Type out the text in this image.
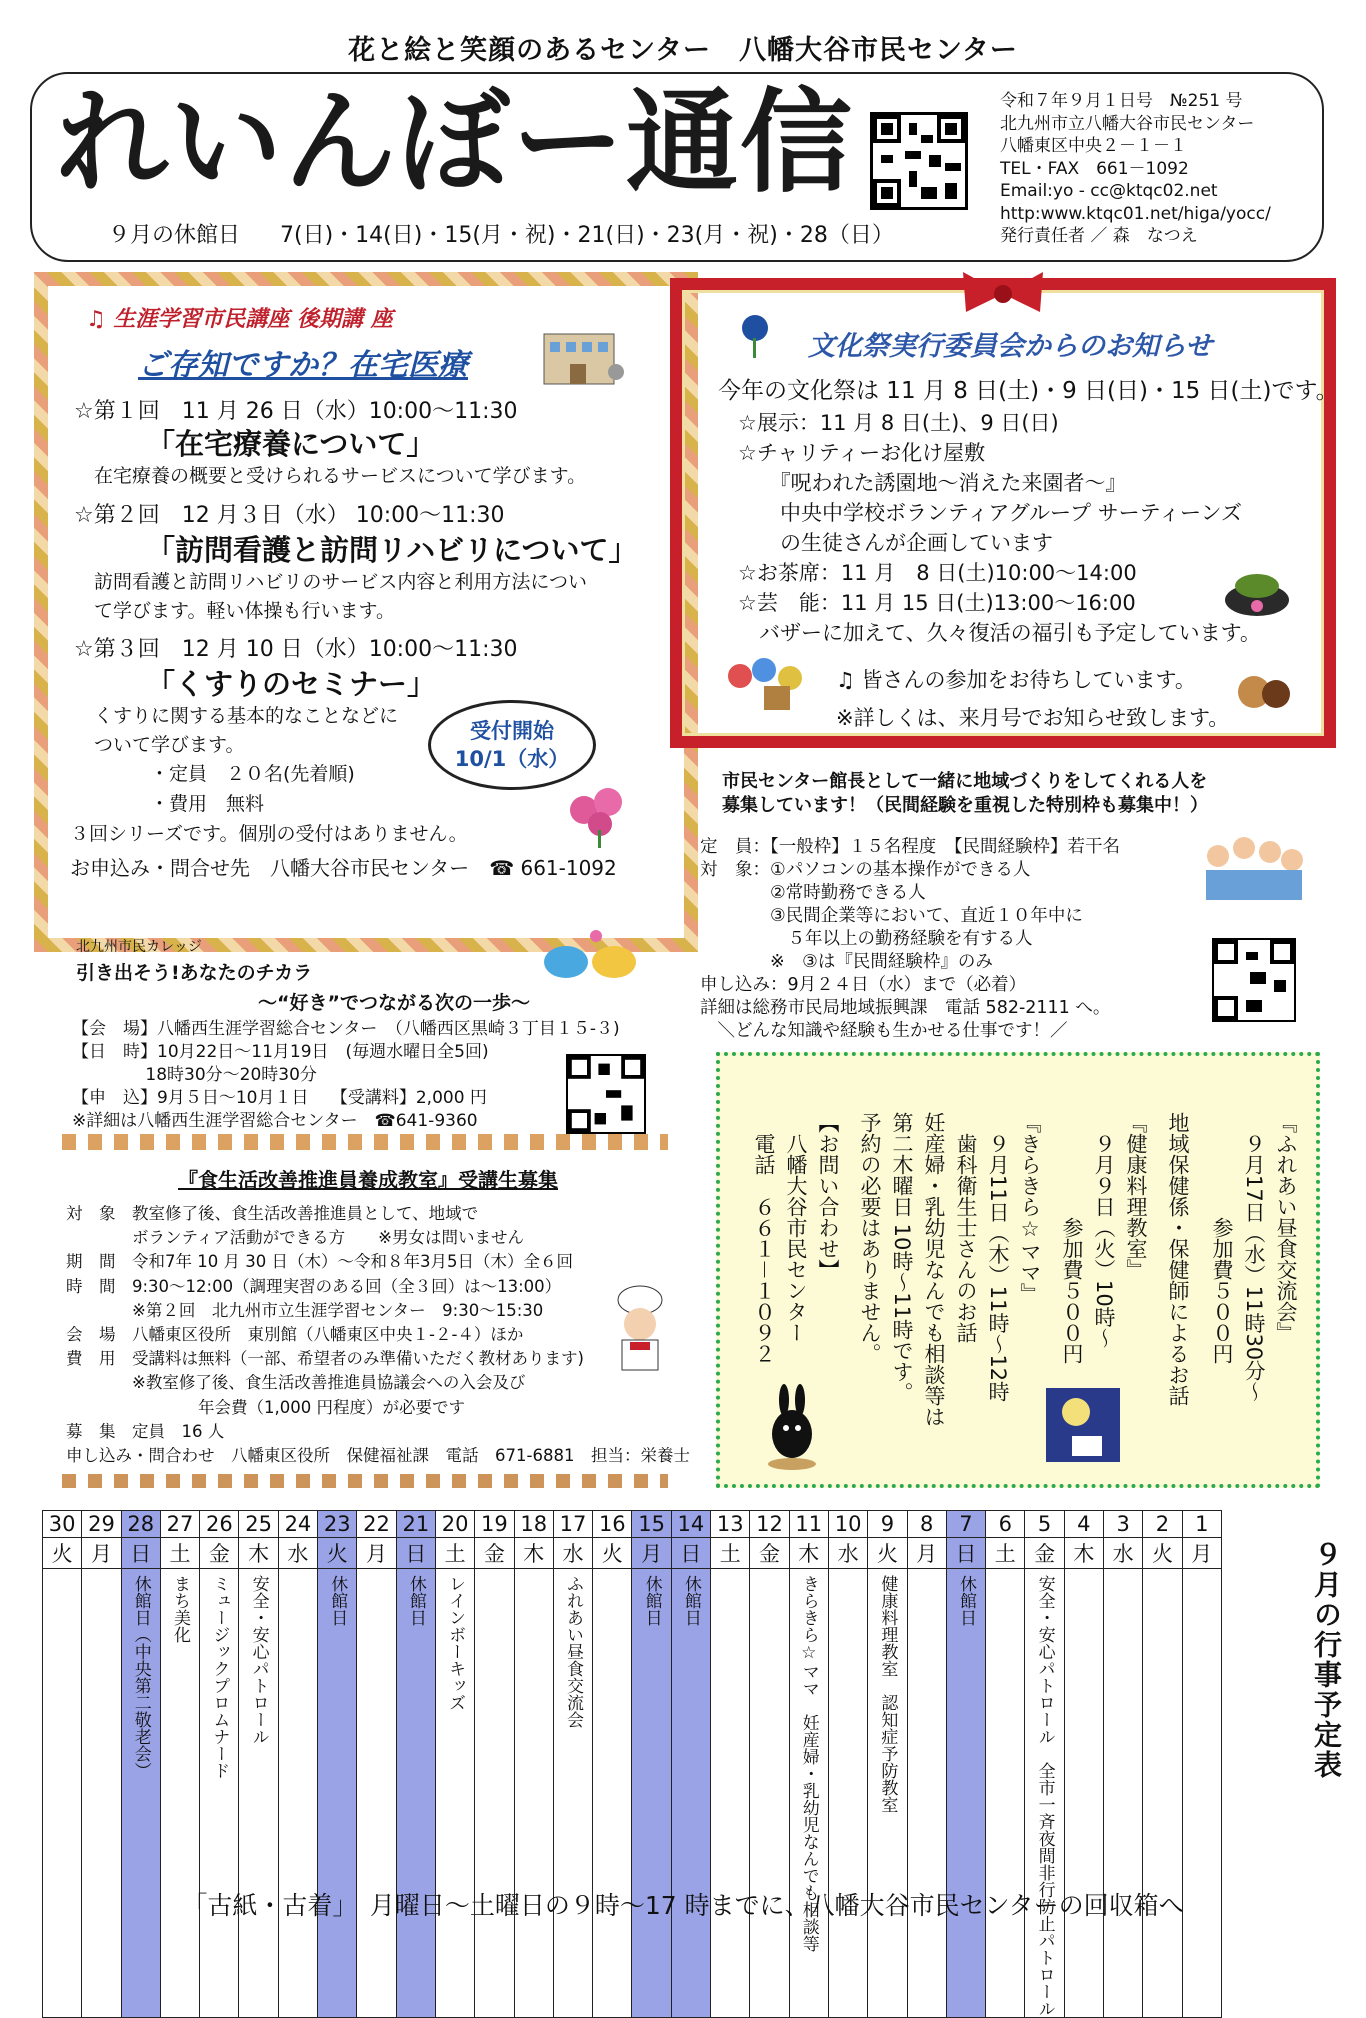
花と絵と笑顔のあるセンター　八幡大谷市民センター
れいんぼー通信	令和７年９月１日号　№251 号
北九州市立八幡大谷市民センター
八幡東区中央２－１－１
TEL・FAX　661－1092
Email:yo - cc@ktqc02.net
http:www.ktqc01.net/higa/yocc/
発行責任者 ／ 森　なつえ
９月の休館日 7(日)・14(日)・15(月・祝)・21(日)・23(月・祝)・28（日）
♫ 生涯学習市民講座 後期講 座
ご存知ですか？在宅医療
☆第１回　11 月 26 日（水）10:00～11:30
「在宅療養について」
在宅療養の概要と受けられるサービスについて学びます。
☆第２回　12 月３日（水） 10:00～11:30
「訪問看護と訪問リハビリについて」
訪問看護と訪問リハビリのサービス内容と利用方法につい
て学びます。軽い体操も行います。
☆第３回　12 月 10 日（水）10:00～11:30
「くすりのセミナー」
くすりに関する基本的なことなどに
ついて学びます。
・定員　２０名(先着順)
・費用　無料
３回シリーズです。個別の受付はありません。
お申込み・問合せ先　八幡大谷市民センター　☎ 661-1092
受付開始
10/1（水）
文化祭実行委員会からのお知らせ
今年の文化祭は 11 月 8 日(土)・9 日(日)・15 日(土)です。
☆展示：11 月 8 日(土)、9 日(日)
☆チャリティーお化け屋敷
　　『呪われた誘園地～消えた来園者～』
　　中央中学校ボランティアグループ サーティーンズ
　　の生徒さんが企画しています
☆お茶席：11 月　8 日(土)10:00～14:00
☆芸　能：11 月 15 日(土)13:00～16:00
　バザーに加えて、久々復活の福引も予定しています。
♫ 皆さんの参加をお待ちしています。
※詳しくは、来月号でお知らせ致します。
市民センター館長として一緒に地域づくりをしてくれる人を
募集しています！（民間経験を重視した特別枠も募集中！）
定　員：【一般枠】１５名程度　【民間経験枠】若干名
対　象：①パソコンの基本操作ができる人
　　　　②常時勤務できる人
　　　　③民間企業等において、直近１０年中に
　　　　　５年以上の勤務経験を有する人
　　　　※　③は『民間経験枠』のみ
申し込み：9月２４日（水）まで（必着）
詳細は総務市民局地域振興課　電話 582-2111 へ。
　＼どんな知識や経験も生かせる仕事です！／
北九州市民カレッジ
引き出そう!あなたのチカラ
～“好き”でつながる次の一歩～
【会　場】八幡西生涯学習総合センター　（八幡西区黒崎３丁目１５-３)
【日　時】10月22日～11月19日　(毎週水曜日全5回)
　　　　 18時30分～20時30分
【申　込】9月５日～10月１日　 【受講料】2,000 円
※詳細は八幡西生涯学習総合センター　☎641-9360
『食生活改善推進員養成教室』受講生募集
対　象　教室修了後、食生活改善推進員として、地域で
　　　　ボランティア活動ができる方　　※男女は問いません
期　間　令和7年 10 月 30 日（木）～令和８年3月5日（木）全６回
時　間　9:30～12:00（調理実習のある回（全３回）は～13:00）
　　　　※第２回　北九州市立生涯学習センター　9:30～15:30
会　場　八幡東区役所　東別館（八幡東区中央１-２-４）ほか
費　用　受講料は無料（一部、希望者のみ準備いただく教材あります)
　　　　※教室修了後、食生活改善推進員協議会への入会及び
　　　　　　　　年会費（1,000 円程度）が必要です
募　集　定員　16 人
申し込み・問合わせ　八幡東区役所　保健福祉課　電話　671-6881　担当：栄養士
『ふれあい昼食交流会』
　９月17日（水）11時30分～
　　　　　参加費５００円
地域保健係・保健師によるお話
『健康料理教室』
　９月９日（火）10時～
　　　　　参加費５００円
『きらきら☆ママ』
　９月11日（木）11時～12時
　歯科衛生士さんのお話
妊産婦・乳幼児なんでも相談等は
第二木曜日 10時～11時です。
予約の必要はありません。
【お問い合わせ】
　八幡大谷市民センター
　電話　６６１－１０９２
30	29	28	27	26	25	24	23	22	21	20	19	18	17	16	15	14	13	12	11	10	9	8	7	6	5	4	3	2	1
火	月	日	土	金	木	水	火	月	日	土	金	木	水	火	月	日	土	金	木	水	火	月	日	土	金	木	水	火	月

		休館日（中央第二敬老会）	まち美化	ミュージックプロムナード	安全・安心パトロール		休館日		休館日	レインボーキッズ			ふれあい昼食交流会		休館日	休館日			きらきら☆ママ　妊産婦・乳幼児なんでも相談等		健康料理教室　認知症予防教室		休館日		安全・安心パトロール　全市一斉夜間非行防止パトロール				

		９月の行事予定表
「古紙・古着」　月曜日～土曜日の９時～17 時までに、八幡大谷市民センターの回収箱へ
